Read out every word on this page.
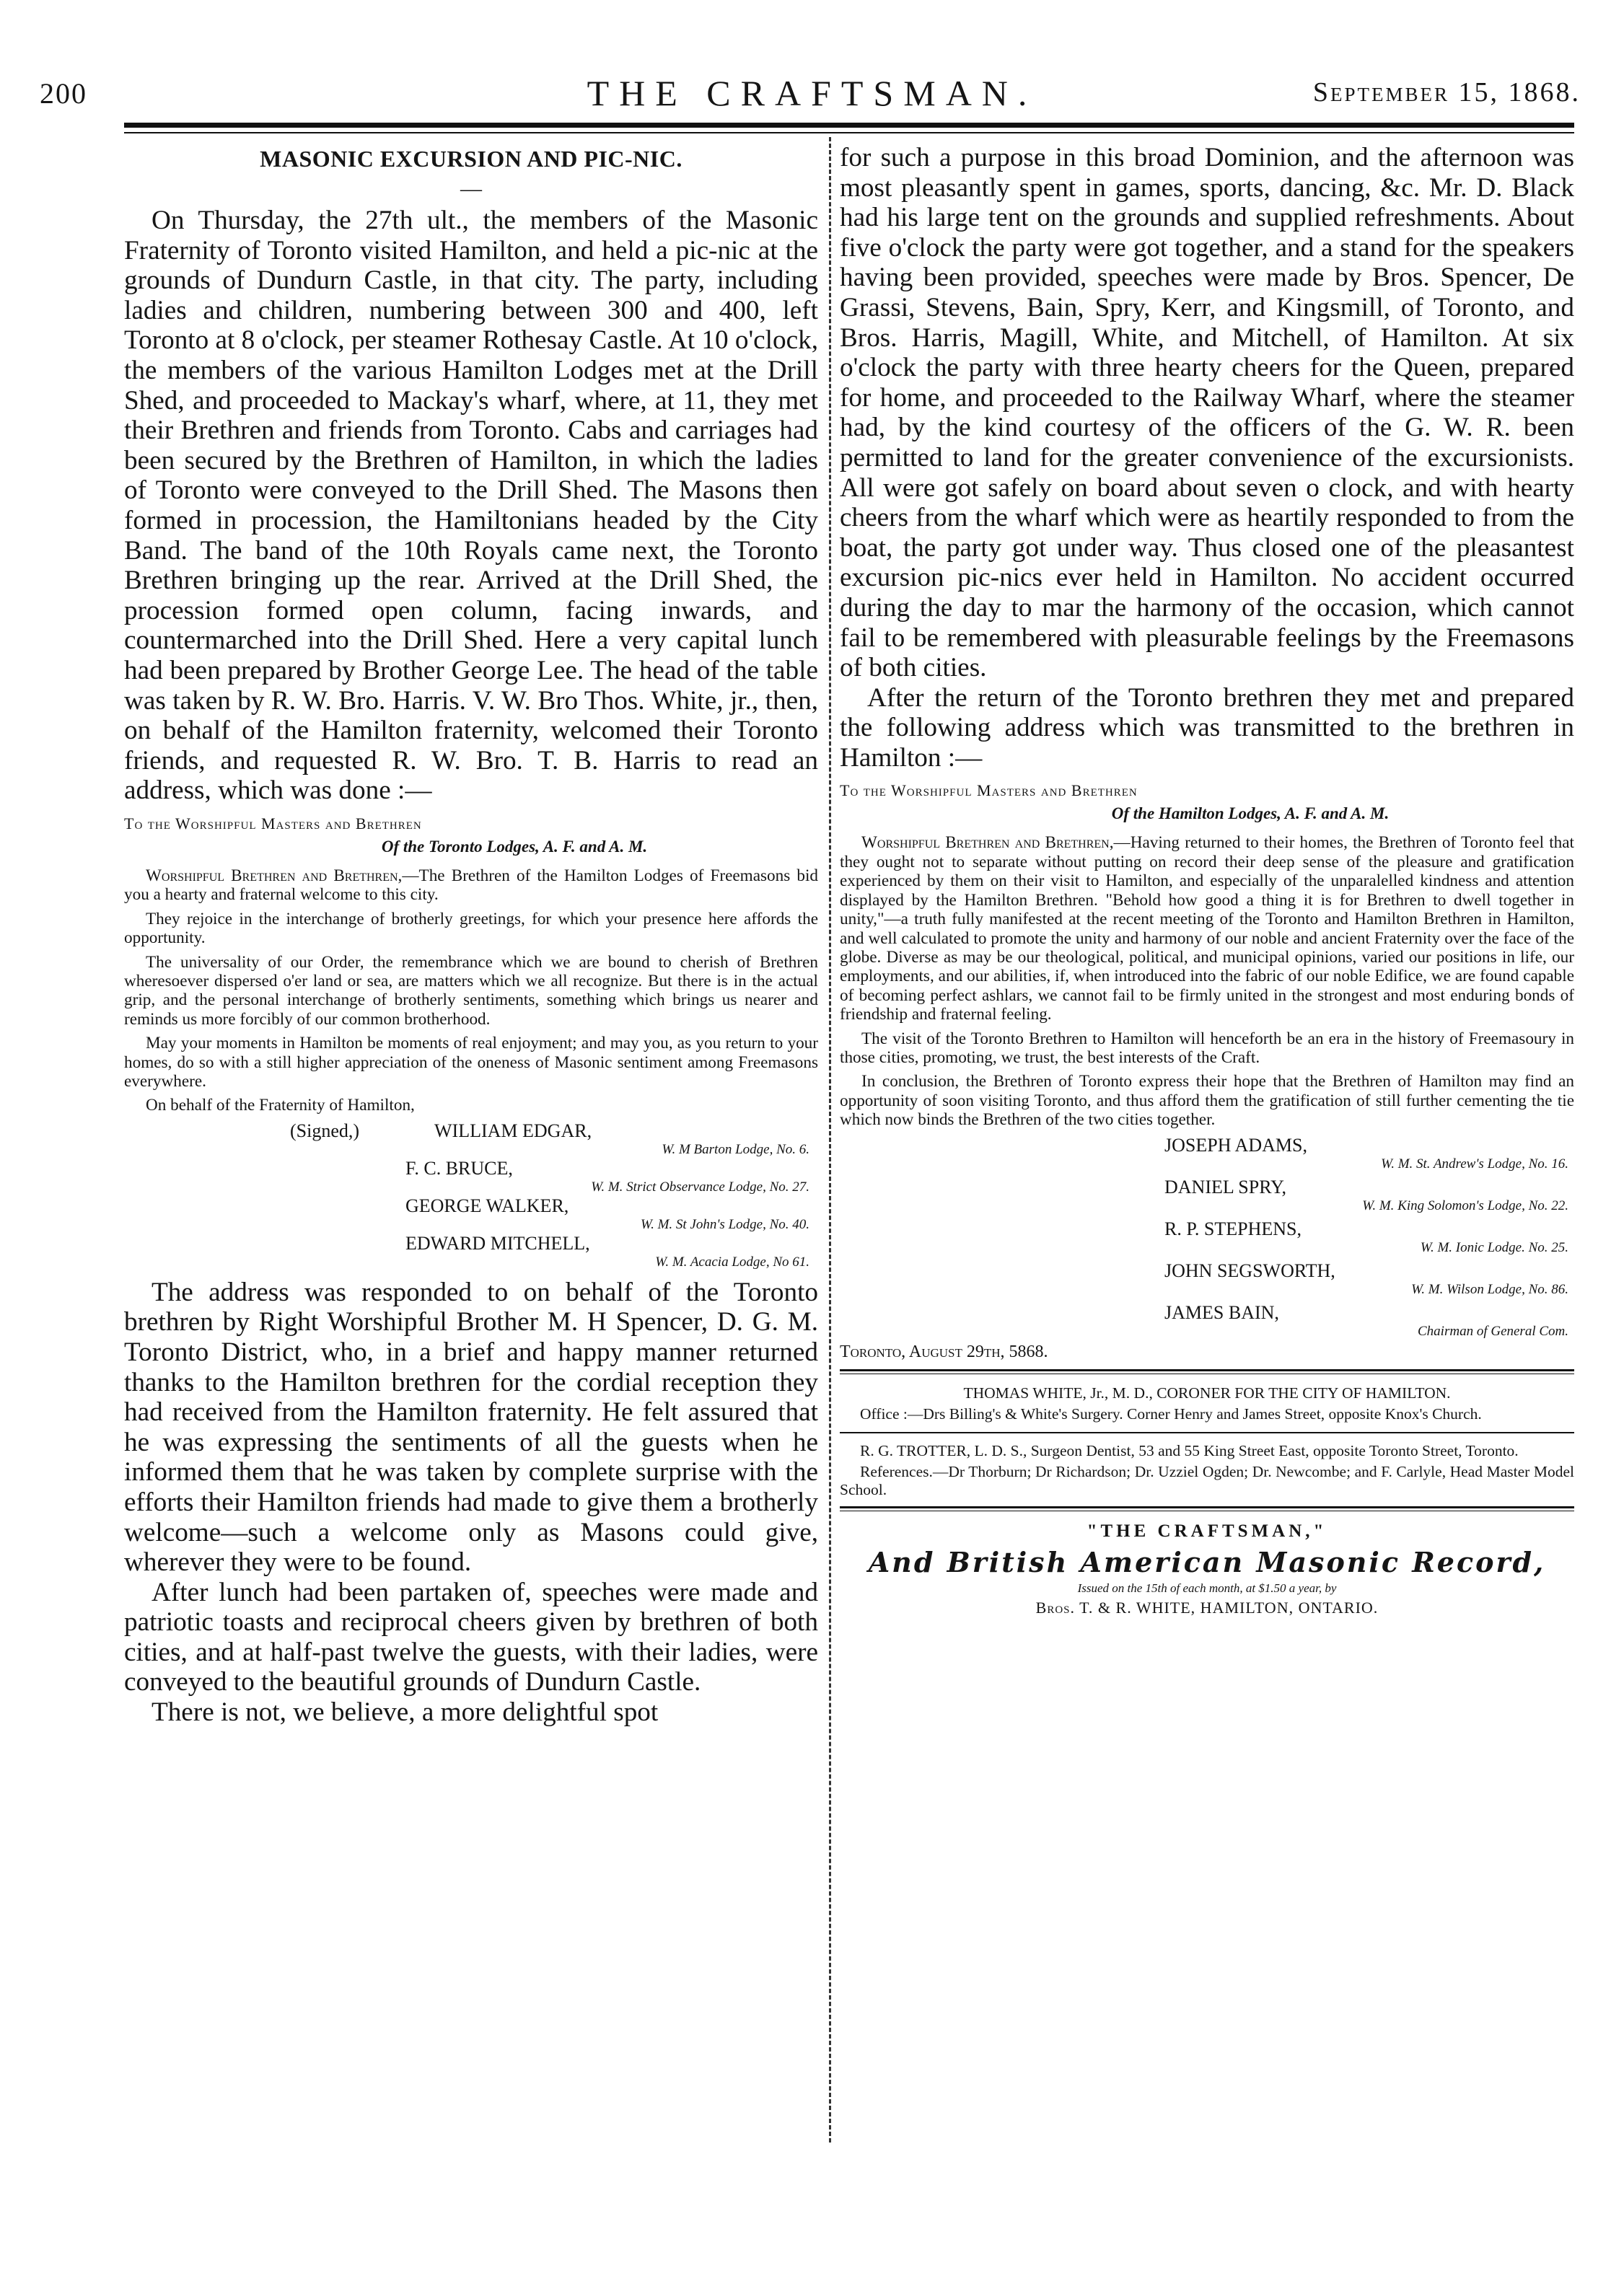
200	THE CRAFTSMAN.	September 15, 1868.
MASONIC EXCURSION AND PIC-NIC.
—

On Thursday, the 27th ult., the members of the Masonic Fraternity of Toronto visited Hamilton, and held a pic-nic at the grounds of Dundurn Castle, in that city. The party, including ladies and children, numbering between 300 and 400, left Toronto at 8 o'clock, per steamer Rothesay Castle. At 10 o'clock, the members of the various Hamilton Lodges met at the Drill Shed, and proceeded to Mackay's wharf, where, at 11, they met their Brethren and friends from Toronto. Cabs and carriages had been secured by the Brethren of Hamilton, in which the ladies of Toronto were conveyed to the Drill Shed. The Masons then formed in procession, the Hamiltonians headed by the City Band. The band of the 10th Royals came next, the Toronto Brethren bringing up the rear. Arrived at the Drill Shed, the procession formed open column, facing inwards, and countermarched into the Drill Shed. Here a very capital lunch had been prepared by Brother George Lee. The head of the table was taken by R. W. Bro. Harris. V. W. Bro Thos. White, jr., then, on behalf of the Hamilton fraternity, welcomed their Toronto friends, and requested R. W. Bro. T. B. Harris to read an address, which was done :—

To the Worshipful Masters and Brethren
Of the Toronto Lodges, A. F. and A. M.

Worshipful Brethren and Brethren,—The Brethren of the Hamilton Lodges of Freemasons bid you a hearty and fraternal welcome to this city.

They rejoice in the interchange of brotherly greetings, for which your presence here affords the opportunity.

The universality of our Order, the remembrance which we are bound to cherish of Brethren wheresoever dispersed o'er land or sea, are matters which we all recognize. But there is in the actual grip, and the personal interchange of brotherly sentiments, something which brings us nearer and reminds us more forcibly of our common brotherhood.

May your moments in Hamilton be moments of real enjoyment; and may you, as you return to your homes, do so with a still higher appreciation of the oneness of Masonic sentiment among Freemasons everywhere.

On behalf of the Fraternity of Hamilton,

(Signed,)	WILLIAM EDGAR,
W. M Barton Lodge, No. 6.
F. C. BRUCE,
W. M. Strict Observance Lodge, No. 27.
GEORGE WALKER,
W. M. St John's Lodge, No. 40.
EDWARD MITCHELL,
W. M. Acacia Lodge, No 61.

The address was responded to on behalf of the Toronto brethren by Right Worshipful Brother M. H Spencer, D. G. M. Toronto District, who, in a brief and happy manner returned thanks to the Hamilton brethren for the cordial reception they had received from the Hamilton fraternity. He felt assured that he was expressing the sentiments of all the guests when he informed them that he was taken by complete surprise with the efforts their Hamilton friends had made to give them a brotherly welcome—such a welcome only as Masons could give, wherever they were to be found.

After lunch had been partaken of, speeches were made and patriotic toasts and reciprocal cheers given by brethren of both cities, and at half-past twelve the guests, with their ladies, were conveyed to the beautiful grounds of Dundurn Castle.

There is not, we believe, a more delightful spot

for such a purpose in this broad Dominion, and the afternoon was most pleasantly spent in games, sports, dancing, &c. Mr. D. Black had his large tent on the grounds and supplied refreshments. About five o'clock the party were got together, and a stand for the speakers having been provided, speeches were made by Bros. Spencer, De Grassi, Stevens, Bain, Spry, Kerr, and Kingsmill, of Toronto, and Bros. Harris, Magill, White, and Mitchell, of Hamilton. At six o'clock the party with three hearty cheers for the Queen, prepared for home, and proceeded to the Railway Wharf, where the steamer had, by the kind courtesy of the officers of the G. W. R. been permitted to land for the greater convenience of the excursionists. All were got safely on board about seven o clock, and with hearty cheers from the wharf which were as heartily responded to from the boat, the party got under way. Thus closed one of the pleasantest excursion pic-nics ever held in Hamilton. No accident occurred during the day to mar the harmony of the occasion, which cannot fail to be remembered with pleasurable feelings by the Freemasons of both cities.

After the return of the Toronto brethren they met and prepared the following address which was transmitted to the brethren in Hamilton :—

To the Worshipful Masters and Brethren
Of the Hamilton Lodges, A. F. and A. M.

Worshipful Brethren and Brethren,—Having returned to their homes, the Brethren of Toronto feel that they ought not to separate without putting on record their deep sense of the pleasure and gratification experienced by them on their visit to Hamilton, and especially of the unparalelled kindness and attention displayed by the Hamilton Brethren. "Behold how good a thing it is for Brethren to dwell together in unity,"—a truth fully manifested at the recent meeting of the Toronto and Hamilton Brethren in Hamilton, and well calculated to promote the unity and harmony of our noble and ancient Fraternity over the face of the globe. Diverse as may be our theological, political, and municipal opinions, varied our positions in life, our employments, and our abilities, if, when introduced into the fabric of our noble Edifice, we are found capable of becoming perfect ashlars, we cannot fail to be firmly united in the strongest and most enduring bonds of friendship and fraternal feeling.

The visit of the Toronto Brethren to Hamilton will henceforth be an era in the history of Freemasoury in those cities, promoting, we trust, the best interests of the Craft.

In conclusion, the Brethren of Toronto express their hope that the Brethren of Hamilton may find an opportunity of soon visiting Toronto, and thus afford them the gratification of still further cementing the tie which now binds the Brethren of the two cities together.

JOSEPH ADAMS,
W. M. St. Andrew's Lodge, No. 16.
DANIEL SPRY,
W. M. King Solomon's Lodge, No. 22.
R. P. STEPHENS,
W. M. Ionic Lodge. No. 25.
JOHN SEGSWORTH,
W. M. Wilson Lodge, No. 86.
JAMES BAIN,
Chairman of General Com.
Toronto, August 29th, 5868.

THOMAS WHITE, Jr., M. D., CORONER FOR THE CITY OF HAMILTON.

Office :—Drs Billing's & White's Surgery. Corner Henry and James Street, opposite Knox's Church.

R. G. TROTTER, L. D. S., Surgeon Dentist, 53 and 55 King Street East, opposite Toronto Street, Toronto.

References.—Dr Thorburn; Dr Richardson; Dr. Uzziel Ogden; Dr. Newcombe; and F. Carlyle, Head Master Model School.

"THE CRAFTSMAN,"
And British American Masonic Record,
Issued on the 15th of each month, at $1.50 a year, by
Bros. T. & R. WHITE, HAMILTON, ONTARIO.
